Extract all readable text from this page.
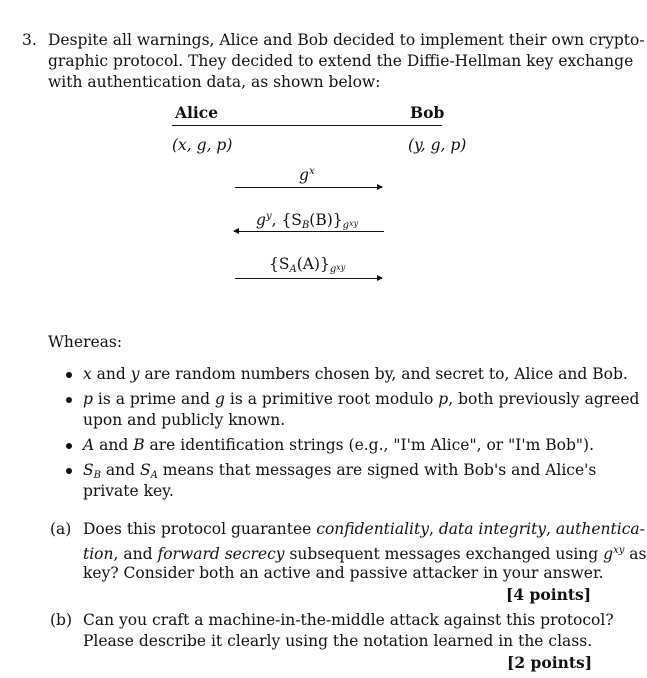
3. Despite all warnings, Alice and Bob decided to implement their own crypto-
graphic protocol. They decided to extend the Diffie-Hellman key exchange
with authentication data, as shown below:
Alice	Bob
(x, g, p)	(y, g, p)
$g^x$
$g^y$, $\{S_B(B)\}_gxy$
$\{S_A(A)\}_gxy$
Whereas:
x and y are random numbers chosen by, and secret to, Alice and Bob.
p is a prime and g is a primitive root modulo p, both previously agreed
upon and publicly known.
A and B are identification strings (e.g., "I'm Alice", or "I'm Bob").
$S_B$ and $S_A$ means that messages are signed with Bob's and Alice's
private key.
(a) Does this protocol guarantee confidentiality, data integrity, authentica-
tion, and forward secrecy subsequent messages exchanged using $g^{xy}$ as
key? Consider both an active and passive attacker in your answer.
[4 points]
(b) Can you craft a machine-in-the-middle attack against this protocol?
Please describe it clearly using the notation learned in the class.
[2 points]
